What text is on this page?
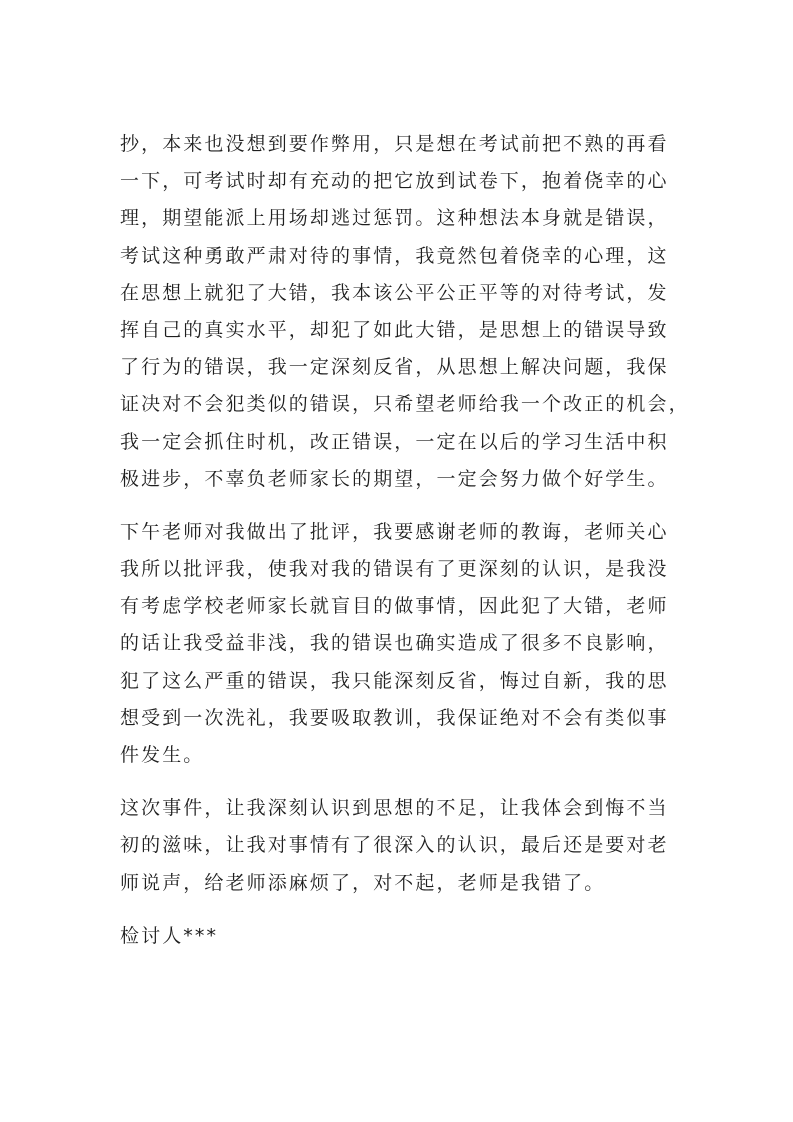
抄，本来也没想到要作弊用，只是想在考试前把不熟的再看
一下，可考试时却有充动的把它放到试卷下，抱着侥幸的心
理，期望能派上用场却逃过惩罚。这种想法本身就是错误，
考试这种勇敢严肃对待的事情，我竟然包着侥幸的心理，这
在思想上就犯了大错，我本该公平公正平等的对待考试，发
挥自己的真实水平，却犯了如此大错，是思想上的错误导致
了行为的错误，我一定深刻反省，从思想上解决问题，我保
证决对不会犯类似的错误，只希望老师给我一个改正的机会，
我一定会抓住时机，改正错误，一定在以后的学习生活中积
极进步，不辜负老师家长的期望，一定会努力做个好学生。

下午老师对我做出了批评，我要感谢老师的教诲，老师关心
我所以批评我，使我对我的错误有了更深刻的认识，是我没
有考虑学校老师家长就盲目的做事情，因此犯了大错，老师
的话让我受益非浅，我的错误也确实造成了很多不良影响，
犯了这么严重的错误，我只能深刻反省，悔过自新，我的思
想受到一次洗礼，我要吸取教训，我保证绝对不会有类似事
件发生。

这次事件，让我深刻认识到思想的不足，让我体会到悔不当
初的滋味，让我对事情有了很深入的认识，最后还是要对老
师说声，给老师添麻烦了，对不起，老师是我错了。

检讨人***
